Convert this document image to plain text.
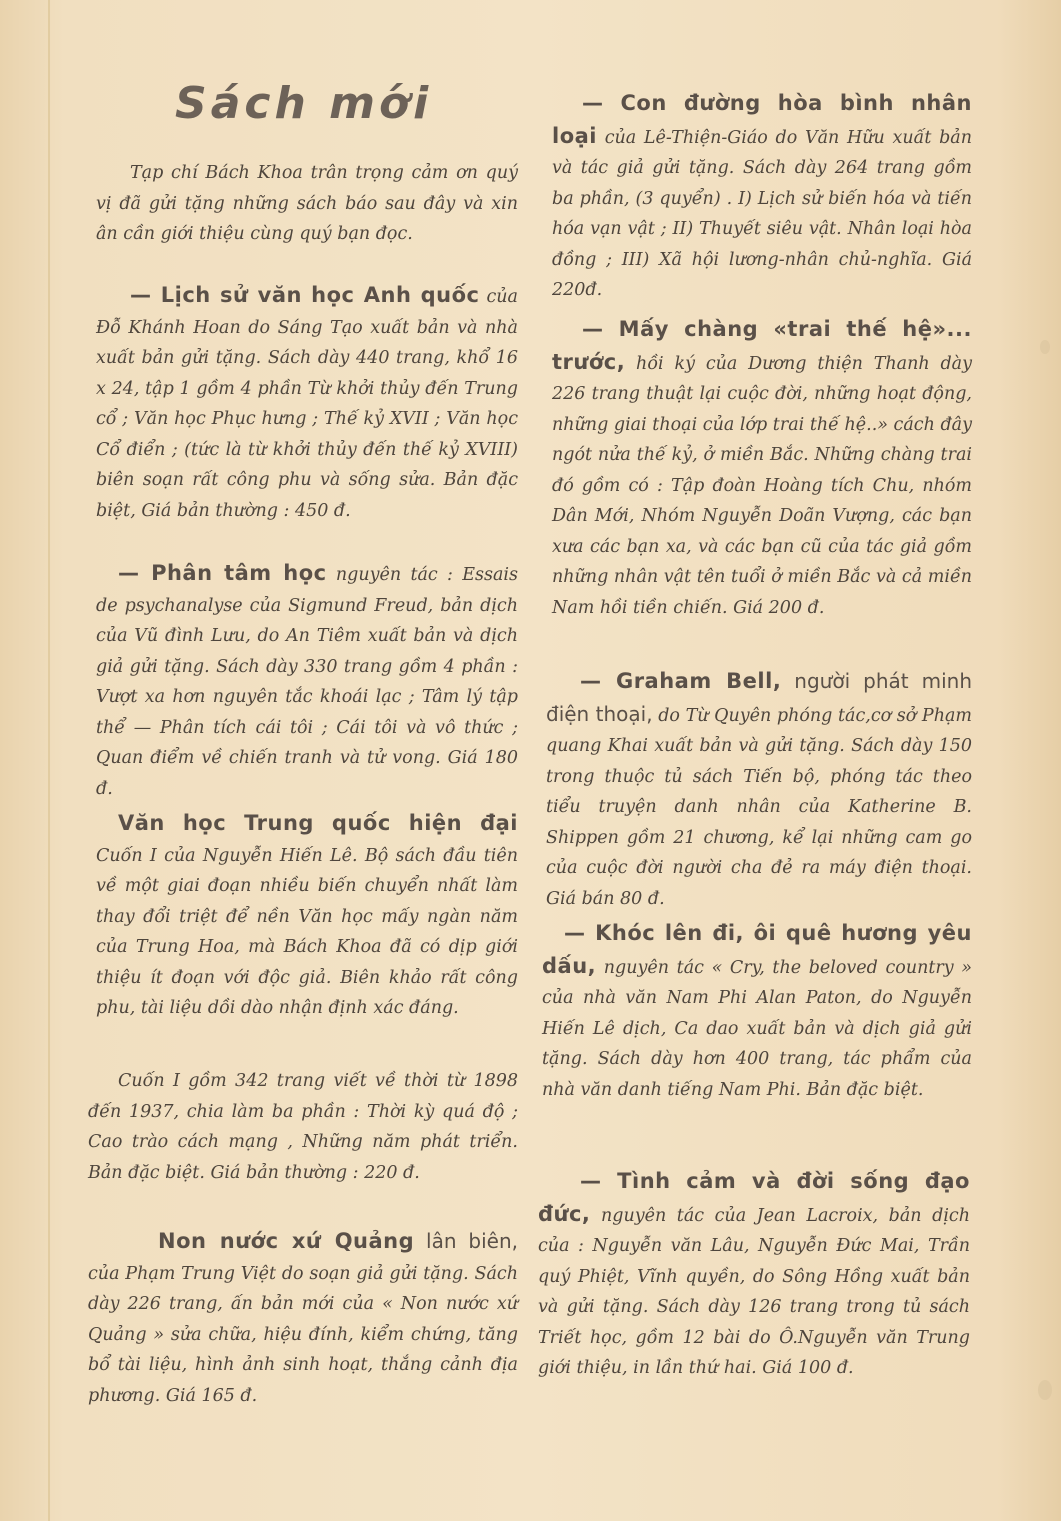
Sách mới
Tạp chí Bách Khoa trân trọng cảm ơn quý vị đã gửi tặng những sách báo sau đây và xin ân cần giới thiệu cùng quý bạn đọc.
— Lịch sử văn học Anh quốc của Đỗ Khánh Hoan do Sáng Tạo xuất bản và nhà xuất bản gửi tặng. Sách dày 440 trang, khổ 16 x 24, tập 1 gồm 4 phần Từ khởi thủy đến Trung cổ ; Văn học Phục hưng ; Thế kỷ XVII ; Văn học Cổ điển ; (tức là từ khởi thủy đến thế kỷ XVIII) biên soạn rất công phu và sống sửa. Bản đặc biệt, Giá bản thường : 450 đ.
— Phân tâm học nguyên tác : Essais de psychanalyse của Sigmund Freud, bản dịch của Vũ đình Lưu, do An Tiêm xuất bản và dịch giả gửi tặng. Sách dày 330 trang gồm 4 phần : Vượt xa hơn nguyên tắc khoái lạc ; Tâm lý tập thể — Phân tích cái tôi ; Cái tôi và vô thức ; Quan điểm về chiến tranh và tử vong. Giá 180 đ.
Văn học Trung quốc hiện đại Cuốn I của Nguyễn Hiến Lê. Bộ sách đầu tiên về một giai đoạn nhiều biến chuyển nhất làm thay đổi triệt để nền Văn học mấy ngàn năm của Trung Hoa, mà Bách Khoa đã có dịp giới thiệu ít đoạn với độc giả. Biên khảo rất công phu, tài liệu dồi dào nhận định xác đáng.
Cuốn I gồm 342 trang viết về thời từ 1898 đến 1937, chia làm ba phần : Thời kỳ quá độ ; Cao trào cách mạng , Những năm phát triển. Bản đặc biệt. Giá bản thường : 220 đ.
Non nước xứ Quảng lân biên, của Phạm Trung Việt do soạn giả gửi tặng. Sách dày 226 trang, ấn bản mới của « Non nước xứ Quảng » sửa chữa, hiệu đính, kiểm chứng, tăng bổ tài liệu, hình ảnh sinh hoạt, thắng cảnh địa phương. Giá 165 đ.
— Con đường hòa bình nhân loại của Lê-Thiện-Giáo do Văn Hữu xuất bản và tác giả gửi tặng. Sách dày 264 trang gồm ba phần, (3 quyển) . I) Lịch sử biến hóa và tiến hóa vạn vật ; II) Thuyết siêu vật. Nhân loại hòa đồng ; III) Xã hội lương-nhân chủ-nghĩa. Giá 220đ.
— Mấy chàng «trai thế hệ»... trước, hồi ký của Dương thiện Thanh dày 226 trang thuật lại cuộc đời, những hoạt động, những giai thoại của lớp trai thế hệ..» cách đây ngót nửa thế kỷ, ở miền Bắc. Những chàng trai đó gồm có : Tập đoàn Hoàng tích Chu, nhóm Dân Mới, Nhóm Nguyễn Doãn Vượng, các bạn xưa các bạn xa, và các bạn cũ của tác giả gồm những nhân vật tên tuổi ở miền Bắc và cả miền Nam hồi tiền chiến. Giá 200 đ.
— Graham Bell, người phát minh điện thoại, do Từ Quyên phóng tác,cơ sở Phạm quang Khai xuất bản và gửi tặng. Sách dày 150 trong thuộc tủ sách Tiến bộ, phóng tác theo tiểu truyện danh nhân của Katherine B. Shippen gồm 21 chương, kể lại những cam go của cuộc đời người cha đẻ ra máy điện thoại. Giá bán 80 đ.
— Khóc lên đi, ôi quê hương yêu dấu, nguyên tác « Cry, the beloved country » của nhà văn Nam Phi Alan Paton, do Nguyễn Hiến Lê dịch, Ca dao xuất bản và dịch giả gửi tặng. Sách dày hơn 400 trang, tác phẩm của nhà văn danh tiếng Nam Phi. Bản đặc biệt.
— Tình cảm và đời sống đạo đức, nguyên tác của Jean Lacroix, bản dịch của : Nguyễn văn Lâu, Nguyễn Đức Mai, Trần quý Phiệt, Vĩnh quyền, do Sông Hồng xuất bản và gửi tặng. Sách dày 126 trang trong tủ sách Triết học, gồm 12 bài do Ô.Nguyễn văn Trung giới thiệu, in lần thứ hai. Giá 100 đ.
